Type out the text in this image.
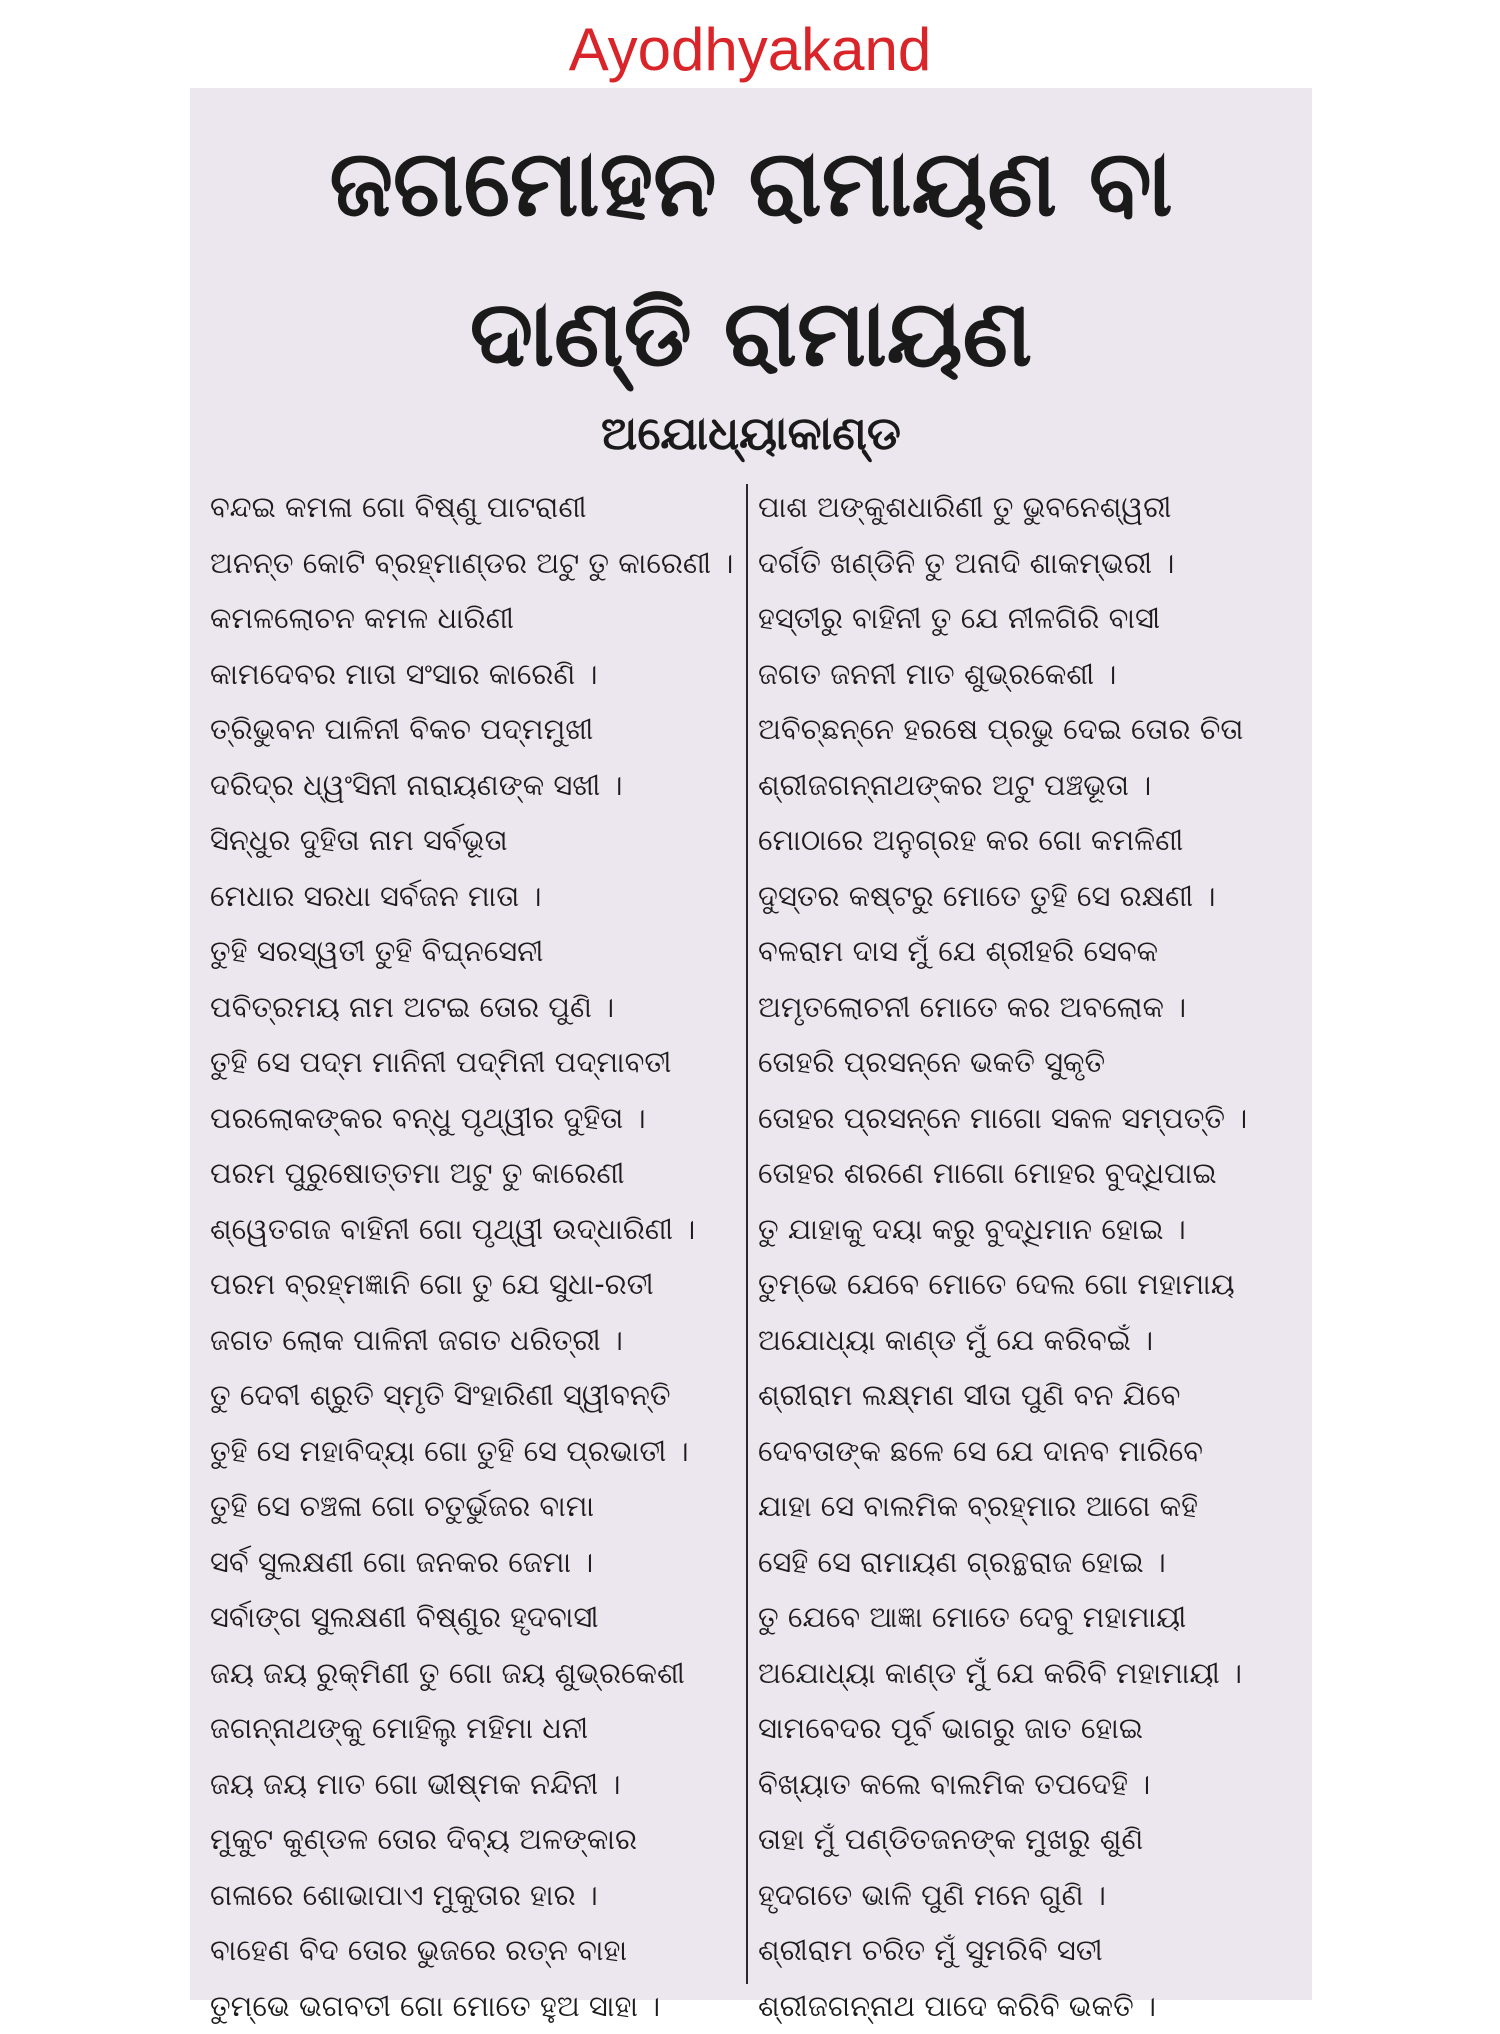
Ayodhyakand
ଜଗମୋହନ ରାମାୟଣ ବା
ଦାଣ୍ଡି ରାମାୟଣ
ଅଯୋଧ୍ୟାକାଣ୍ଡ
ବନ୍ଦଇ କମଳା ଗୋ ବିଷ୍ଣୁ ପାଟରାଣୀ
ଅନନ୍ତ କୋଟି ବ୍ରହ୍ମାଣ୍ଡର ଅଟୁ ତୁ କାରେଣୀ ।
କମଳଲୋଚନ କମଳ ଧାରିଣୀ
କାମଦେବର ମାତା ସଂସାର କାରେଣି ।
ତ୍ରିଭୁବନ ପାଳିନୀ ବିକଚ ପଦ୍ମମୁଖୀ
ଦରିଦ୍ର ଧ୍ୱଂସିନୀ ନାରାୟଣଙ୍କ ସଖୀ ।
ସିନ୍ଧୁର ଦୁହିତା ନାମ ସର୍ବଭୂତା
ମେଧାର ସରଧା ସର୍ବଜନ ମାତା ।
ତୁହି ସରସ୍ୱତୀ ତୁହି ବିଘ୍ନସେନୀ
ପବିତ୍ରମୟ ନାମ ଅଟଇ ତୋର ପୁଣି ।
ତୁହି ସେ ପଦ୍ମ ମାନିନୀ ପଦ୍ମିନୀ ପଦ୍ମାବତୀ
ପରଲୋକଙ୍କର ବନ୍ଧୁ ପୃଥ୍ୱୀର ଦୁହିତା ।
ପରମ ପୁରୁଷୋତ୍ତମା ଅଟୁ ତୁ କାରେଣୀ
ଶ୍ୱେତଗଜ ବାହିନୀ ଗୋ ପୃଥ୍ୱୀ ଉଦ୍ଧାରିଣୀ ।
ପରମ ବ୍ରହ୍ମଜ୍ଞାନି ଗୋ ତୁ ଯେ ସୁଧା-ରତୀ
ଜଗତ ଲୋକ ପାଳିନୀ ଜଗତ ଧରିତ୍ରୀ ।
ତୁ ଦେବୀ ଶ୍ରୁତି ସ୍ମୃତି ସିଂହାରିଣୀ ସ୍ୱୀବନ୍ତି
ତୁହି ସେ ମହାବିଦ୍ୟା ଗୋ ତୁହି ସେ ପ୍ରଭାତୀ ।
ତୁହି ସେ ଚଞ୍ଚଳା ଗୋ ଚତୁର୍ଭୁଜର ବାମା
ସର୍ବ ସୁଲକ୍ଷଣୀ ଗୋ ଜନକର ଜେମା ।
ସର୍ବାଙ୍ଗ ସୁଲକ୍ଷଣୀ ବିଷ୍ଣୁର ହୃଦବାସୀ
ଜୟ ଜୟ ରୁକ୍ମିଣୀ ତୁ ଗୋ ଜୟ ଶୁଭ୍ରକେଶୀ
ଜଗନ୍ନାଥଙ୍କୁ ମୋହିଲୁ ମହିମା ଧନୀ
ଜୟ ଜୟ ମାତ ଗୋ ଭୀଷ୍ମକ ନନ୍ଦିନୀ ।
ମୁକୁଟ କୁଣ୍ଡଳ ତୋର ଦିବ୍ୟ ଅଳଙ୍କାର
ଗଳାରେ ଶୋଭାପାଏ ମୁକୁତାର ହାର ।
ବାହେଣ ବିଦ ତୋର ଭୁଜରେ ରତ୍ନ ବାହା
ତୁମ୍ଭେ ଭଗବତୀ ଗୋ ମୋତେ ହୁଅ ସାହା ।
ପାଶ ଅଙ୍କୁଶଧାରିଣୀ ତୁ ଭୁବନେଶ୍ୱରୀ
ଦର୍ଗତି ଖଣ୍ଡିନି ତୁ ଅନାଦି ଶାକମ୍ଭରୀ ।
ହସ୍ତୀରୁ ବାହିନୀ ତୁ ଯେ ନୀଳଗିରି ବାସୀ
ଜଗତ ଜନନୀ ମାତ ଶୁଭ୍ରକେଶୀ ।
ଅବିଚ୍ଛନ୍ନେ ହରଷେ ପ୍ରଭୁ ଦେଇ ତୋର ଚିତା
ଶ୍ରୀଜଗନ୍ନାଥଙ୍କର ଅଟୁ ପଞ୍ଚଭୂତା ।
ମୋଠାରେ ଅନୁଗ୍ରହ କର ଗୋ କମଳିଣୀ
ଦୁସ୍ତର କଷ୍ଟରୁ ମୋତେ ତୁହି ସେ ରକ୍ଷଣୀ ।
ବଳରାମ ଦାସ ମୁଁ ଯେ ଶ୍ରୀହରି ସେବକ
ଅମୃତଲୋଚନୀ ମୋତେ କର ଅବଲୋକ ।
ତୋହରି ପ୍ରସନ୍ନେ ଭକତି ସୁକୃତି
ତୋହର ପ୍ରସନ୍ନେ ମାଗୋ ସକଳ ସମ୍ପତ୍ତି ।
ତୋହର ଶରଣେ ମାଗୋ ମୋହର ବୁଦ୍ଧିପାଇ
ତୁ ଯାହାକୁ ଦୟା କରୁ ବୁଦ୍ଧିମାନ ହୋଇ ।
ତୁମ୍ଭେ ଯେବେ ମୋତେ ଦେଲ ଗୋ ମହାମାୟ
ଅଯୋଧ୍ୟା କାଣ୍ଡ ମୁଁ ଯେ କରିବଇଁ ।
ଶ୍ରୀରାମ ଲକ୍ଷ୍ମଣ ସୀତା ପୁଣି ବନ ଯିବେ
ଦେବତାଙ୍କ ଛଳେ ସେ ଯେ ଦାନବ ମାରିବେ
ଯାହା ସେ ବାଲମିକ ବ୍ରହ୍ମାର ଆଗେ କହି
ସେହି ସେ ରାମାୟଣ ଗ୍ରନ୍ଥରାଜ ହୋଇ ।
ତୁ ଯେବେ ଆଜ୍ଞା ମୋତେ ଦେବୁ ମହାମାୟୀ
ଅଯୋଧ୍ୟା କାଣ୍ଡ ମୁଁ ଯେ କରିବି ମହାମାୟୀ ।
ସାମବେଦର ପୂର୍ବ ଭାଗରୁ ଜାତ ହୋଇ
ବିଖ୍ୟାତ କଲେ ବାଲମିକ ତପଦେହି ।
ତାହା ମୁଁ ପଣ୍ଡିତଜନଙ୍କ ମୁଖରୁ ଶୁଣି
ହୃଦଗତେ ଭାଳି ପୁଣି ମନେ ଗୁଣି ।
ଶ୍ରୀରାମ ଚରିତ ମୁଁ ସୁମରିବି ସତୀ
ଶ୍ରୀଜଗନ୍ନାଥ ପାଦେ କରିବି ଭକତି ।
